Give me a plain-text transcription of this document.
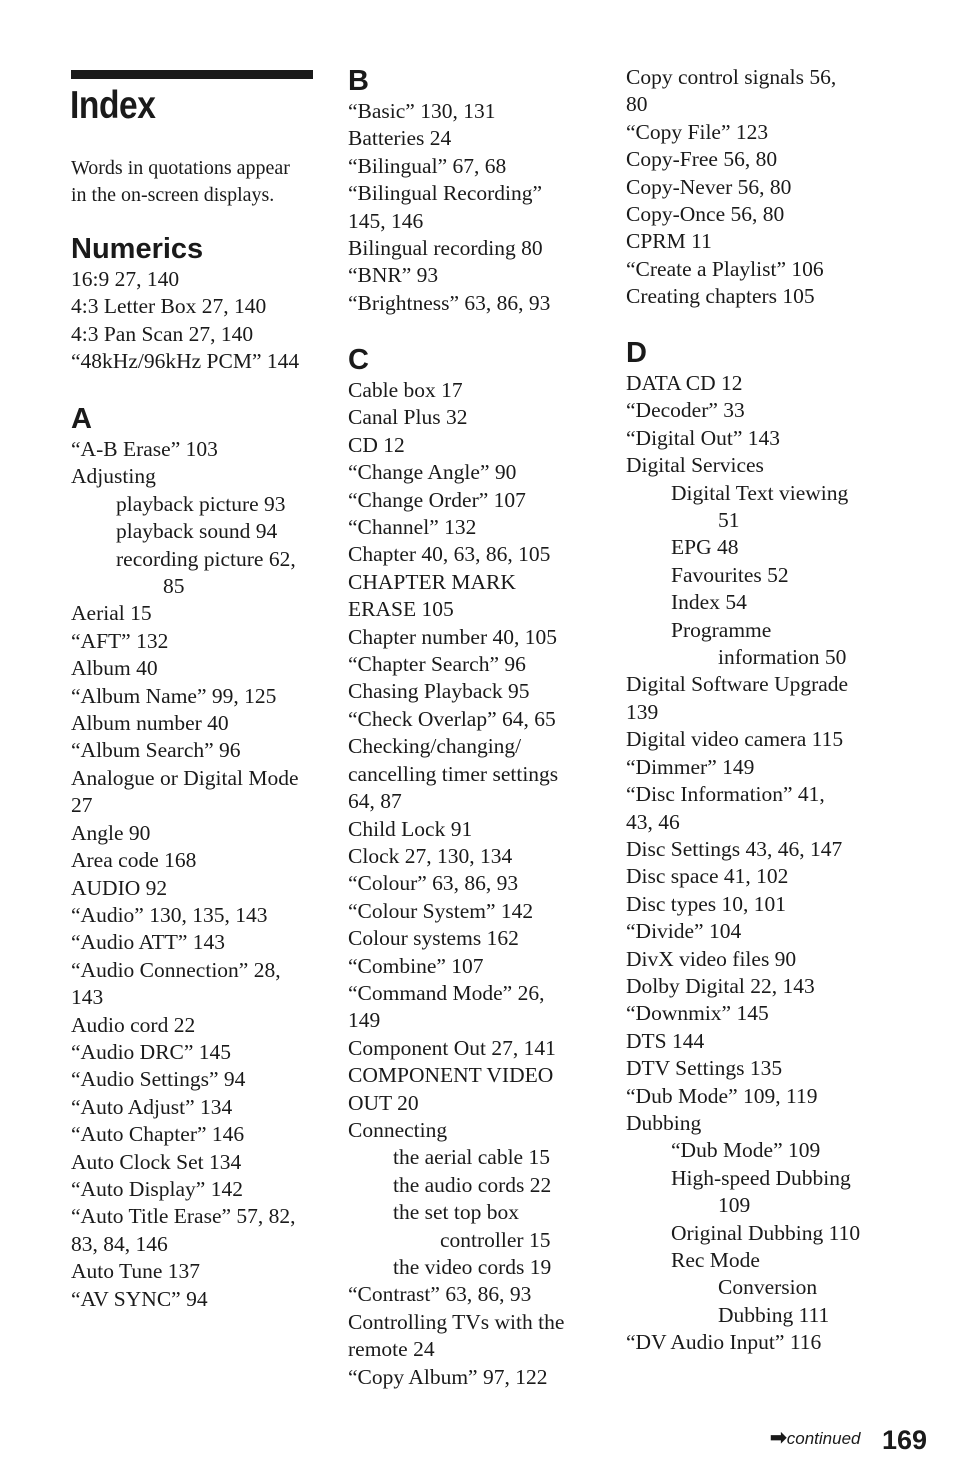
Index
Words in quotations appear
in the on-screen displays.
Numerics
16:9 27, 140
4:3 Letter Box 27, 140
4:3 Pan Scan 27, 140
“48kHz/96kHz PCM” 144
A
“A-B Erase” 103
Adjusting
playback picture 93
playback sound 94
recording picture 62,
85
Aerial 15
“AFT” 132
Album 40
“Album Name” 99, 125
Album number 40
“Album Search” 96
Analogue or Digital Mode
27
Angle 90
Area code 168
AUDIO 92
“Audio” 130, 135, 143
“Audio ATT” 143
“Audio Connection” 28,
143
Audio cord 22
“Audio DRC” 145
“Audio Settings” 94
“Auto Adjust” 134
“Auto Chapter” 146
Auto Clock Set 134
“Auto Display” 142
“Auto Title Erase” 57, 82,
83, 84, 146
Auto Tune 137
“AV SYNC” 94
B
“Basic” 130, 131
Batteries 24
“Bilingual” 67, 68
“Bilingual Recording”
145, 146
Bilingual recording 80
“BNR” 93
“Brightness” 63, 86, 93
C
Cable box 17
Canal Plus 32
CD 12
“Change Angle” 90
“Change Order” 107
“Channel” 132
Chapter 40, 63, 86, 105
CHAPTER MARK
ERASE 105
Chapter number 40, 105
“Chapter Search” 96
Chasing Playback 95
“Check Overlap” 64, 65
Checking/changing/
cancelling timer settings
64, 87
Child Lock 91
Clock 27, 130, 134
“Colour” 63, 86, 93
“Colour System” 142
Colour systems 162
“Combine” 107
“Command Mode” 26,
149
Component Out 27, 141
COMPONENT VIDEO
OUT 20
Connecting
the aerial cable 15
the audio cords 22
the set top box
controller 15
the video cords 19
“Contrast” 63, 86, 93
Controlling TVs with the
remote 24
“Copy Album” 97, 122
Copy control signals 56,
80
“Copy File” 123
Copy-Free 56, 80
Copy-Never 56, 80
Copy-Once 56, 80
CPRM 11
“Create a Playlist” 106
Creating chapters 105
D
DATA CD 12
“Decoder” 33
“Digital Out” 143
Digital Services
Digital Text viewing
51
EPG 48
Favourites 52
Index 54
Programme
information 50
Digital Software Upgrade
139
Digital video camera 115
“Dimmer” 149
“Disc Information” 41,
43, 46
Disc Settings 43, 46, 147
Disc space 41, 102
Disc types 10, 101
“Divide” 104
DivX video files 90
Dolby Digital 22, 143
“Downmix” 145
DTS 144
DTV Settings 135
“Dub Mode” 109, 119
Dubbing
“Dub Mode” 109
High-speed Dubbing
109
Original Dubbing 110
Rec Mode
Conversion
Dubbing 111
“DV Audio Input” 116
➡continued 169
